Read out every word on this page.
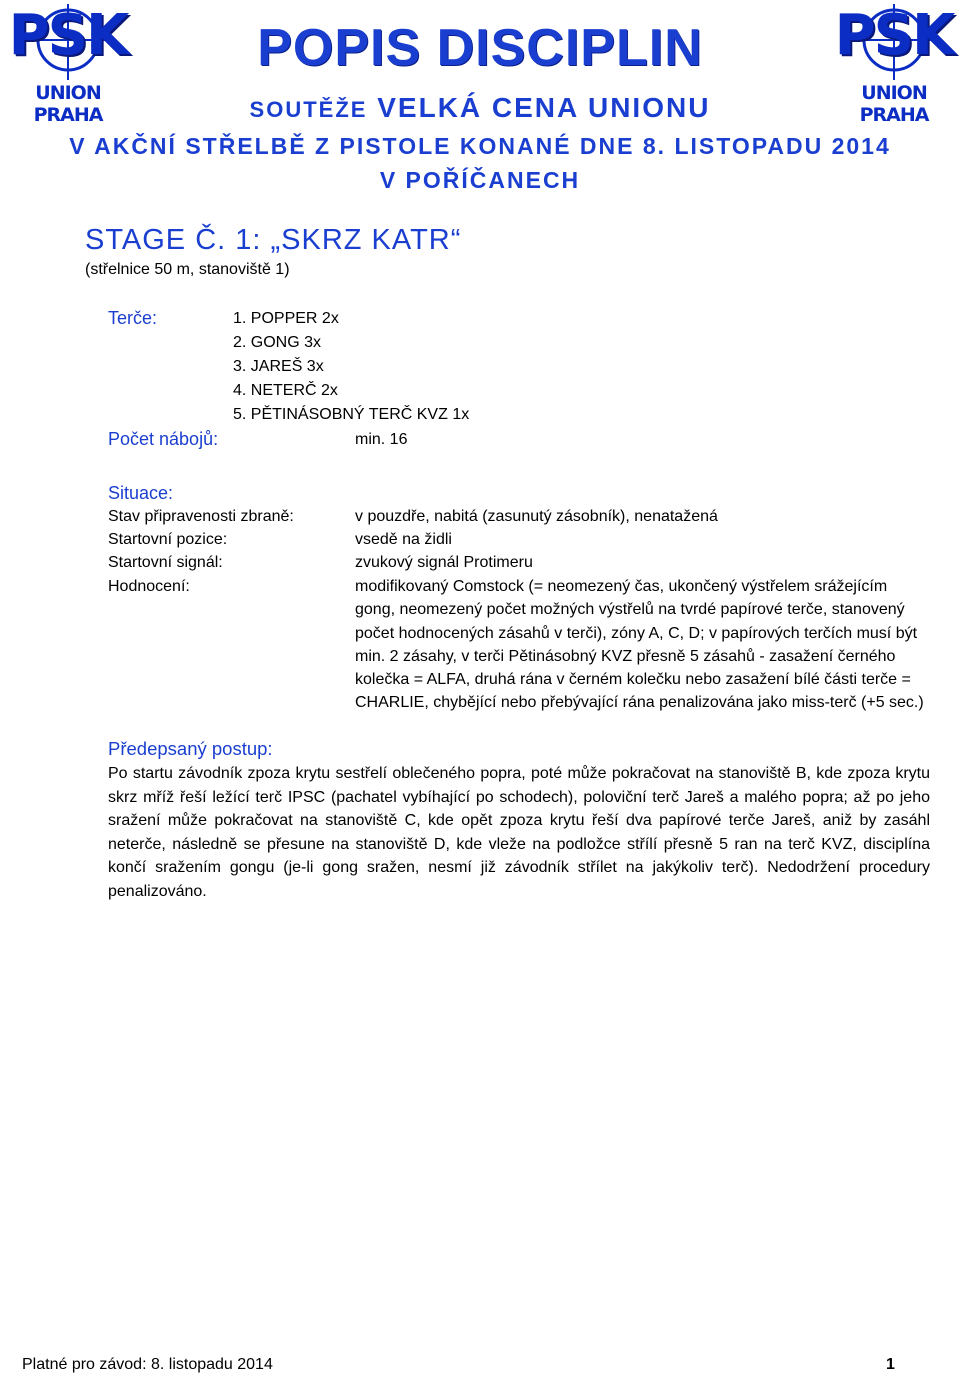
PSK
UNION PRAHA
PSK
UNION PRAHA
POPIS DISCIPLIN
SOUTĚŽE VELKÁ CENA UNIONU
V AKČNÍ STŘELBĚ Z PISTOLE KONANÉ DNE 8. LISTOPADU 2014
V POŘÍČANECH
STAGE Č. 1: „SKRZ KATR“
(střelnice 50 m, stanoviště 1)
Terče:	1. POPPER 2x
2. GONG 3x
3. JAREŠ 3x
4. NETERČ 2x
5. PĚTINÁSOBNÝ TERČ KVZ 1x
Počet nábojů:	min. 16
Situace:
Stav připravenosti zbraně:	v pouzdře, nabitá (zasunutý zásobník), nenatažená
Startovní pozice:	vsedě na židli
Startovní signál:	zvukový signál Protimeru
Hodnocení:	modifikovaný Comstock (= neomezený čas, ukončený výstřelem srážejícím gong, neomezený počet možných výstřelů na tvrdé papírové terče, stanovený počet hodnocených zásahů v terči), zóny A, C, D; v papírových terčích musí být min. 2 zásahy, v terči Pětinásobný KVZ přesně 5 zásahů - zasažení černého kolečka = ALFA, druhá rána v černém kolečku nebo zasažení bílé části terče = CHARLIE, chybějící nebo přebývající rána penalizována jako miss-terč (+5 sec.)
Předepsaný postup:
Po startu závodník zpoza krytu sestřelí oblečeného popra, poté může pokračovat na stanoviště B, kde zpoza krytu skrz mříž řeší ležící terč IPSC (pachatel vybíhající po schodech), poloviční terč Jareš a malého popra; až po jeho sražení může pokračovat na stanoviště C, kde opět zpoza krytu řeší dva papírové terče Jareš, aniž by zasáhl neterče, následně se přesune na stanoviště D, kde vleže na podložce střílí přesně 5 ran na terč KVZ, disciplína končí sražením gongu (je-li gong sražen, nesmí již závodník střílet na jakýkoliv terč). Nedodržení procedury penalizováno.
Platné pro závod: 8. listopadu 2014	1
